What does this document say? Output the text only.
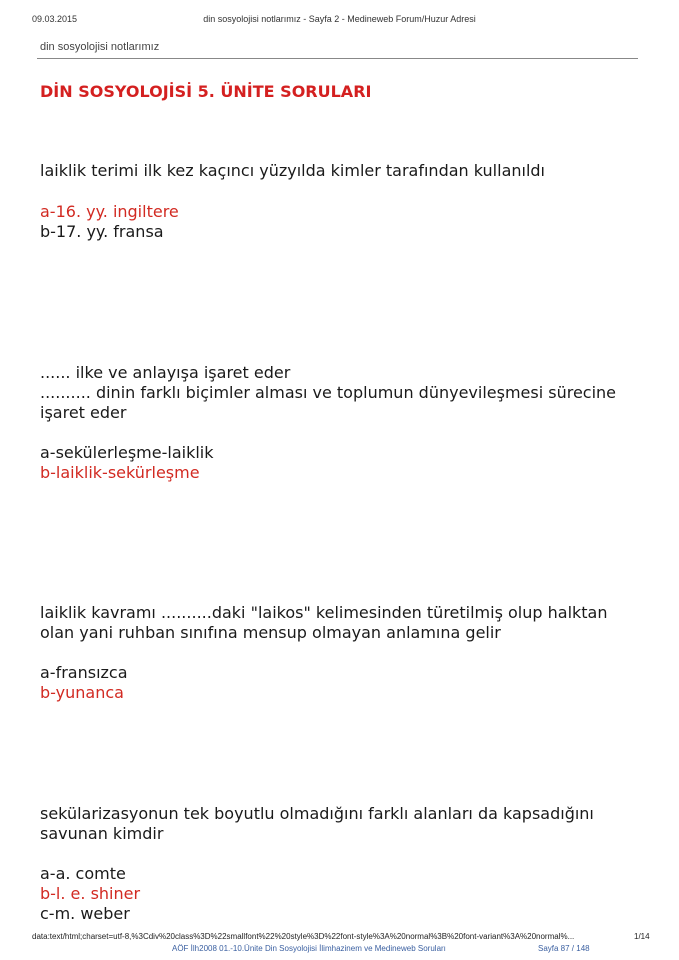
09.03.2015	din sosyolojisi notlarımız - Sayfa 2 - Medineweb Forum/Huzur Adresi
din sosyolojisi notlarımız
DİN SOSYOLOJİSİ 5. ÜNİTE SORULARI
laiklik terimi ilk kez kaçıncı yüzyılda kimler tarafından kullanıldı
a-16. yy. ingiltere
b-17. yy. fransa
...... ilke ve anlayışa işaret eder
.......... dinin farklı biçimler alması ve toplumun dünyevileşmesi sürecine
işaret eder
a-sekülerleşme-laiklik
b-laiklik-sekürleşme
laiklik kavramı ..........daki "laikos" kelimesinden türetilmiş olup halktan
olan yani ruhban sınıfına mensup olmayan anlamına gelir
a-fransızca
b-yunanca
sekülarizasyonun tek boyutlu olmadığını farklı alanları da kapsadığını
savunan kimdir
a-a. comte
b-l. e. shiner
c-m. weber
data:text/html;charset=utf-8,%3Cdiv%20class%3D%22smallfont%22%20style%3D%22font-style%3A%20normal%3B%20font-variant%3A%20normal%...	1/14
AÖF İlh2008 01.-10.Ünite Din Sosyolojisi İlimhazinem ve Medineweb Soruları	Sayfa 87 / 148
